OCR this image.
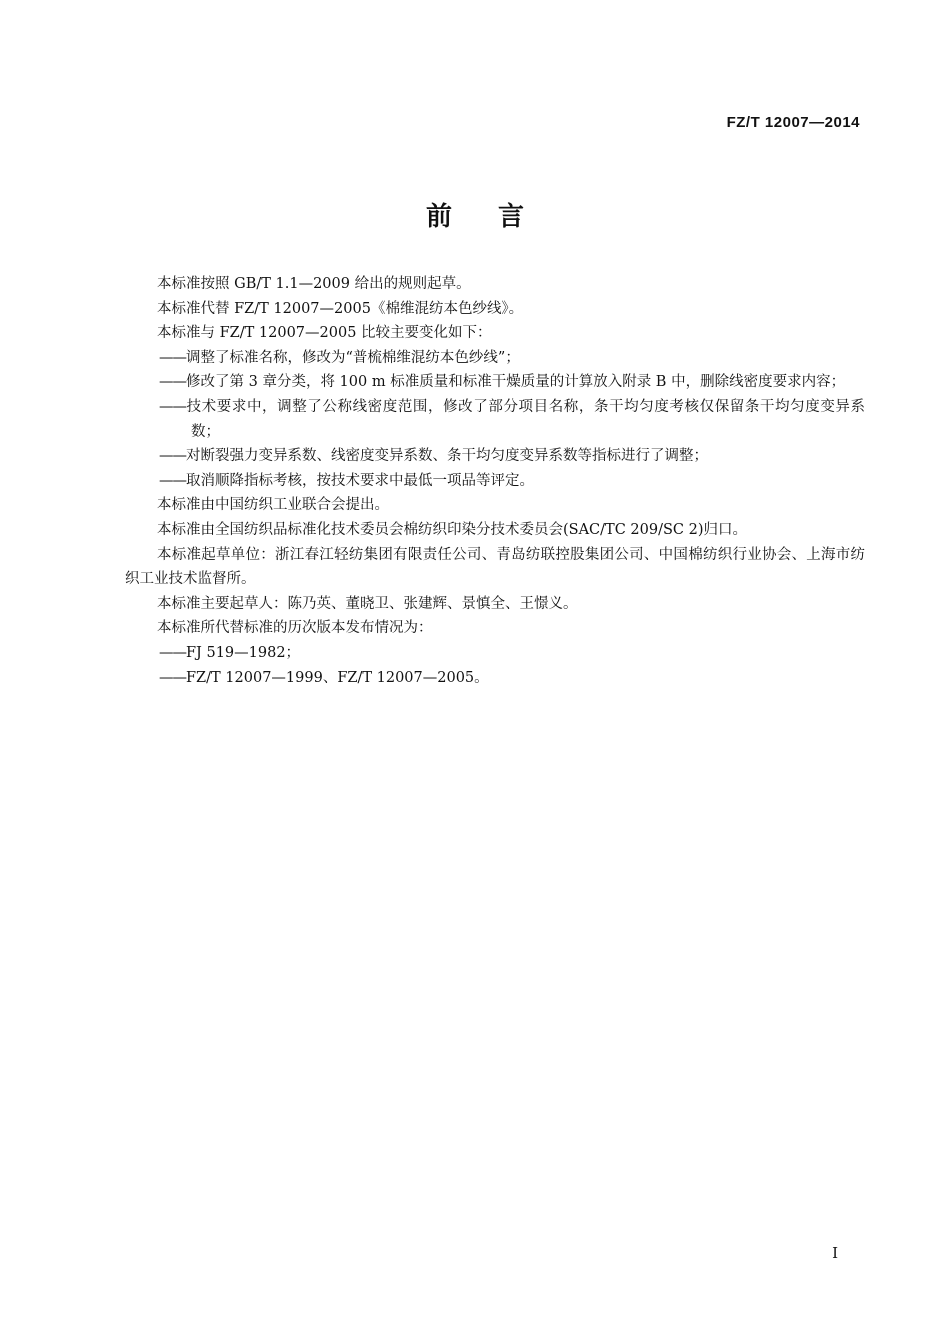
FZ/T 12007—2014
前言

本标准按照 GB/T 1.1—2009 给出的规则起草。

本标准代替 FZ/T 12007—2005《棉维混纺本色纱线》。

本标准与 FZ/T 12007—2005 比较主要变化如下：

——调整了标准名称，修改为“普梳棉维混纺本色纱线”；

——修改了第 3 章分类，将 100 m 标准质量和标准干燥质量的计算放入附录 B 中，删除线密度要求内容；

——技术要求中，调整了公称线密度范围，修改了部分项目名称，条干均匀度考核仅保留条干均匀度变异系数；

——对断裂强力变异系数、线密度变异系数、条干均匀度变异系数等指标进行了调整；

——取消顺降指标考核，按技术要求中最低一项品等评定。

本标准由中国纺织工业联合会提出。

本标准由全国纺织品标准化技术委员会棉纺织印染分技术委员会(SAC/TC 209/SC 2)归口。

本标准起草单位：浙江春江轻纺集团有限责任公司、青岛纺联控股集团公司、中国棉纺织行业协会、上海市纺织工业技术监督所。

本标准主要起草人：陈乃英、董晓卫、张建辉、景慎全、王憬义。

本标准所代替标准的历次版本发布情况为：

——FJ 519—1982；

——FZ/T 12007—1999、FZ/T 12007—2005。

I
